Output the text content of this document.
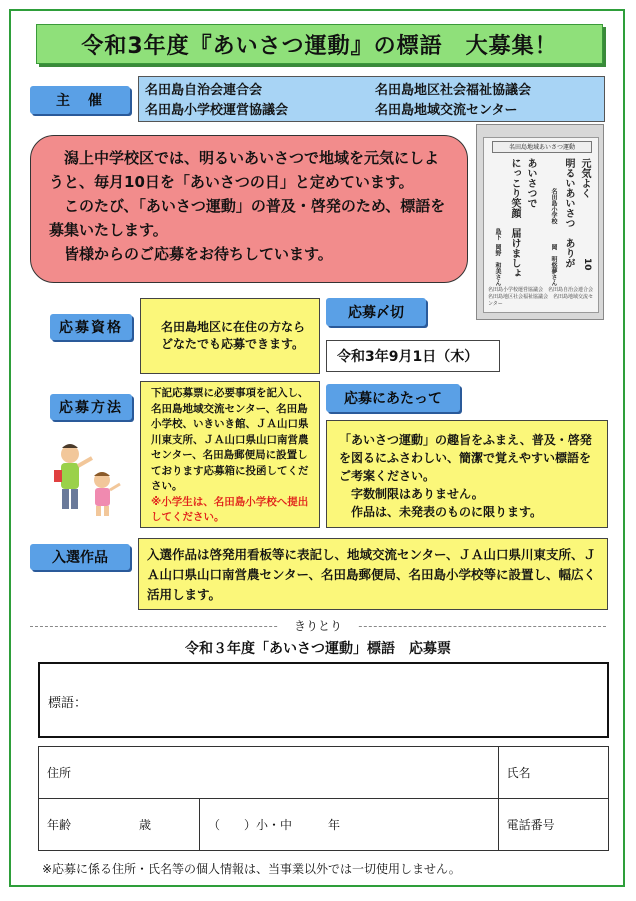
令和3年度『あいさつ運動』の標語　大募集！
主　催
名田島自治会連合会	名田島地区社会福祉協議会
名田島小学校運営協議会	名田島地域交流センター

　潟上中学校区では、明るいあいさつで地域を元気にしようと、毎月10日を「あいさつの日」と定めています。

　このたび、「あいさつ運動」の普及・啓発のため、標語を募集いたします。

　皆様からのご応募をお待ちしています。

名田島地域あいさつ運動
元気よく
明るいあいさつ　ありが
名田島小学校
岡　明悠夢さん	10
あいさつで
にっこり笑顔　届けましょ
島下
岡野　和美さん
名田島小学校運営協議会　名田島自治会連合会　名田島地区社会福祉協議会　名田島地域交流センター
応募資格	名田島地区に在住の方ならどなたでも応募できます。
応募〆切
令和3年9月1日（木）
応募方法
下記応募票に必要事項を記入し、名田島地域交流センター、名田島小学校、いきいき館、ＪＡ山口県川東支所、ＪＡ山口県山口南営農センター、名田島郵便局に設置しております応募箱に投函してください。
※小学生は、名田島小学校へ提出してください。
応募にあたって
「あいさつ運動」の趣旨をふまえ、普及・啓発を図るにふさわしい、簡潔で覚えやすい標語をご考案ください。
字数制限はありません。
作品は、未発表のものに限ります。
入選作品	入選作品は啓発用看板等に表記し、地域交流センター、ＪＡ山口県川東支所、ＪＡ山口県山口南営農センター、名田島郵便局、名田島小学校等に設置し、幅広く活用します。
きりとり
令和３年度「あいさつ運動」標語　応募票
標語：
住所		氏名
年齢 歳	（　　）小・中　　　年	電話番号
※応募に係る住所・氏名等の個人情報は、当事業以外では一切使用しません。
